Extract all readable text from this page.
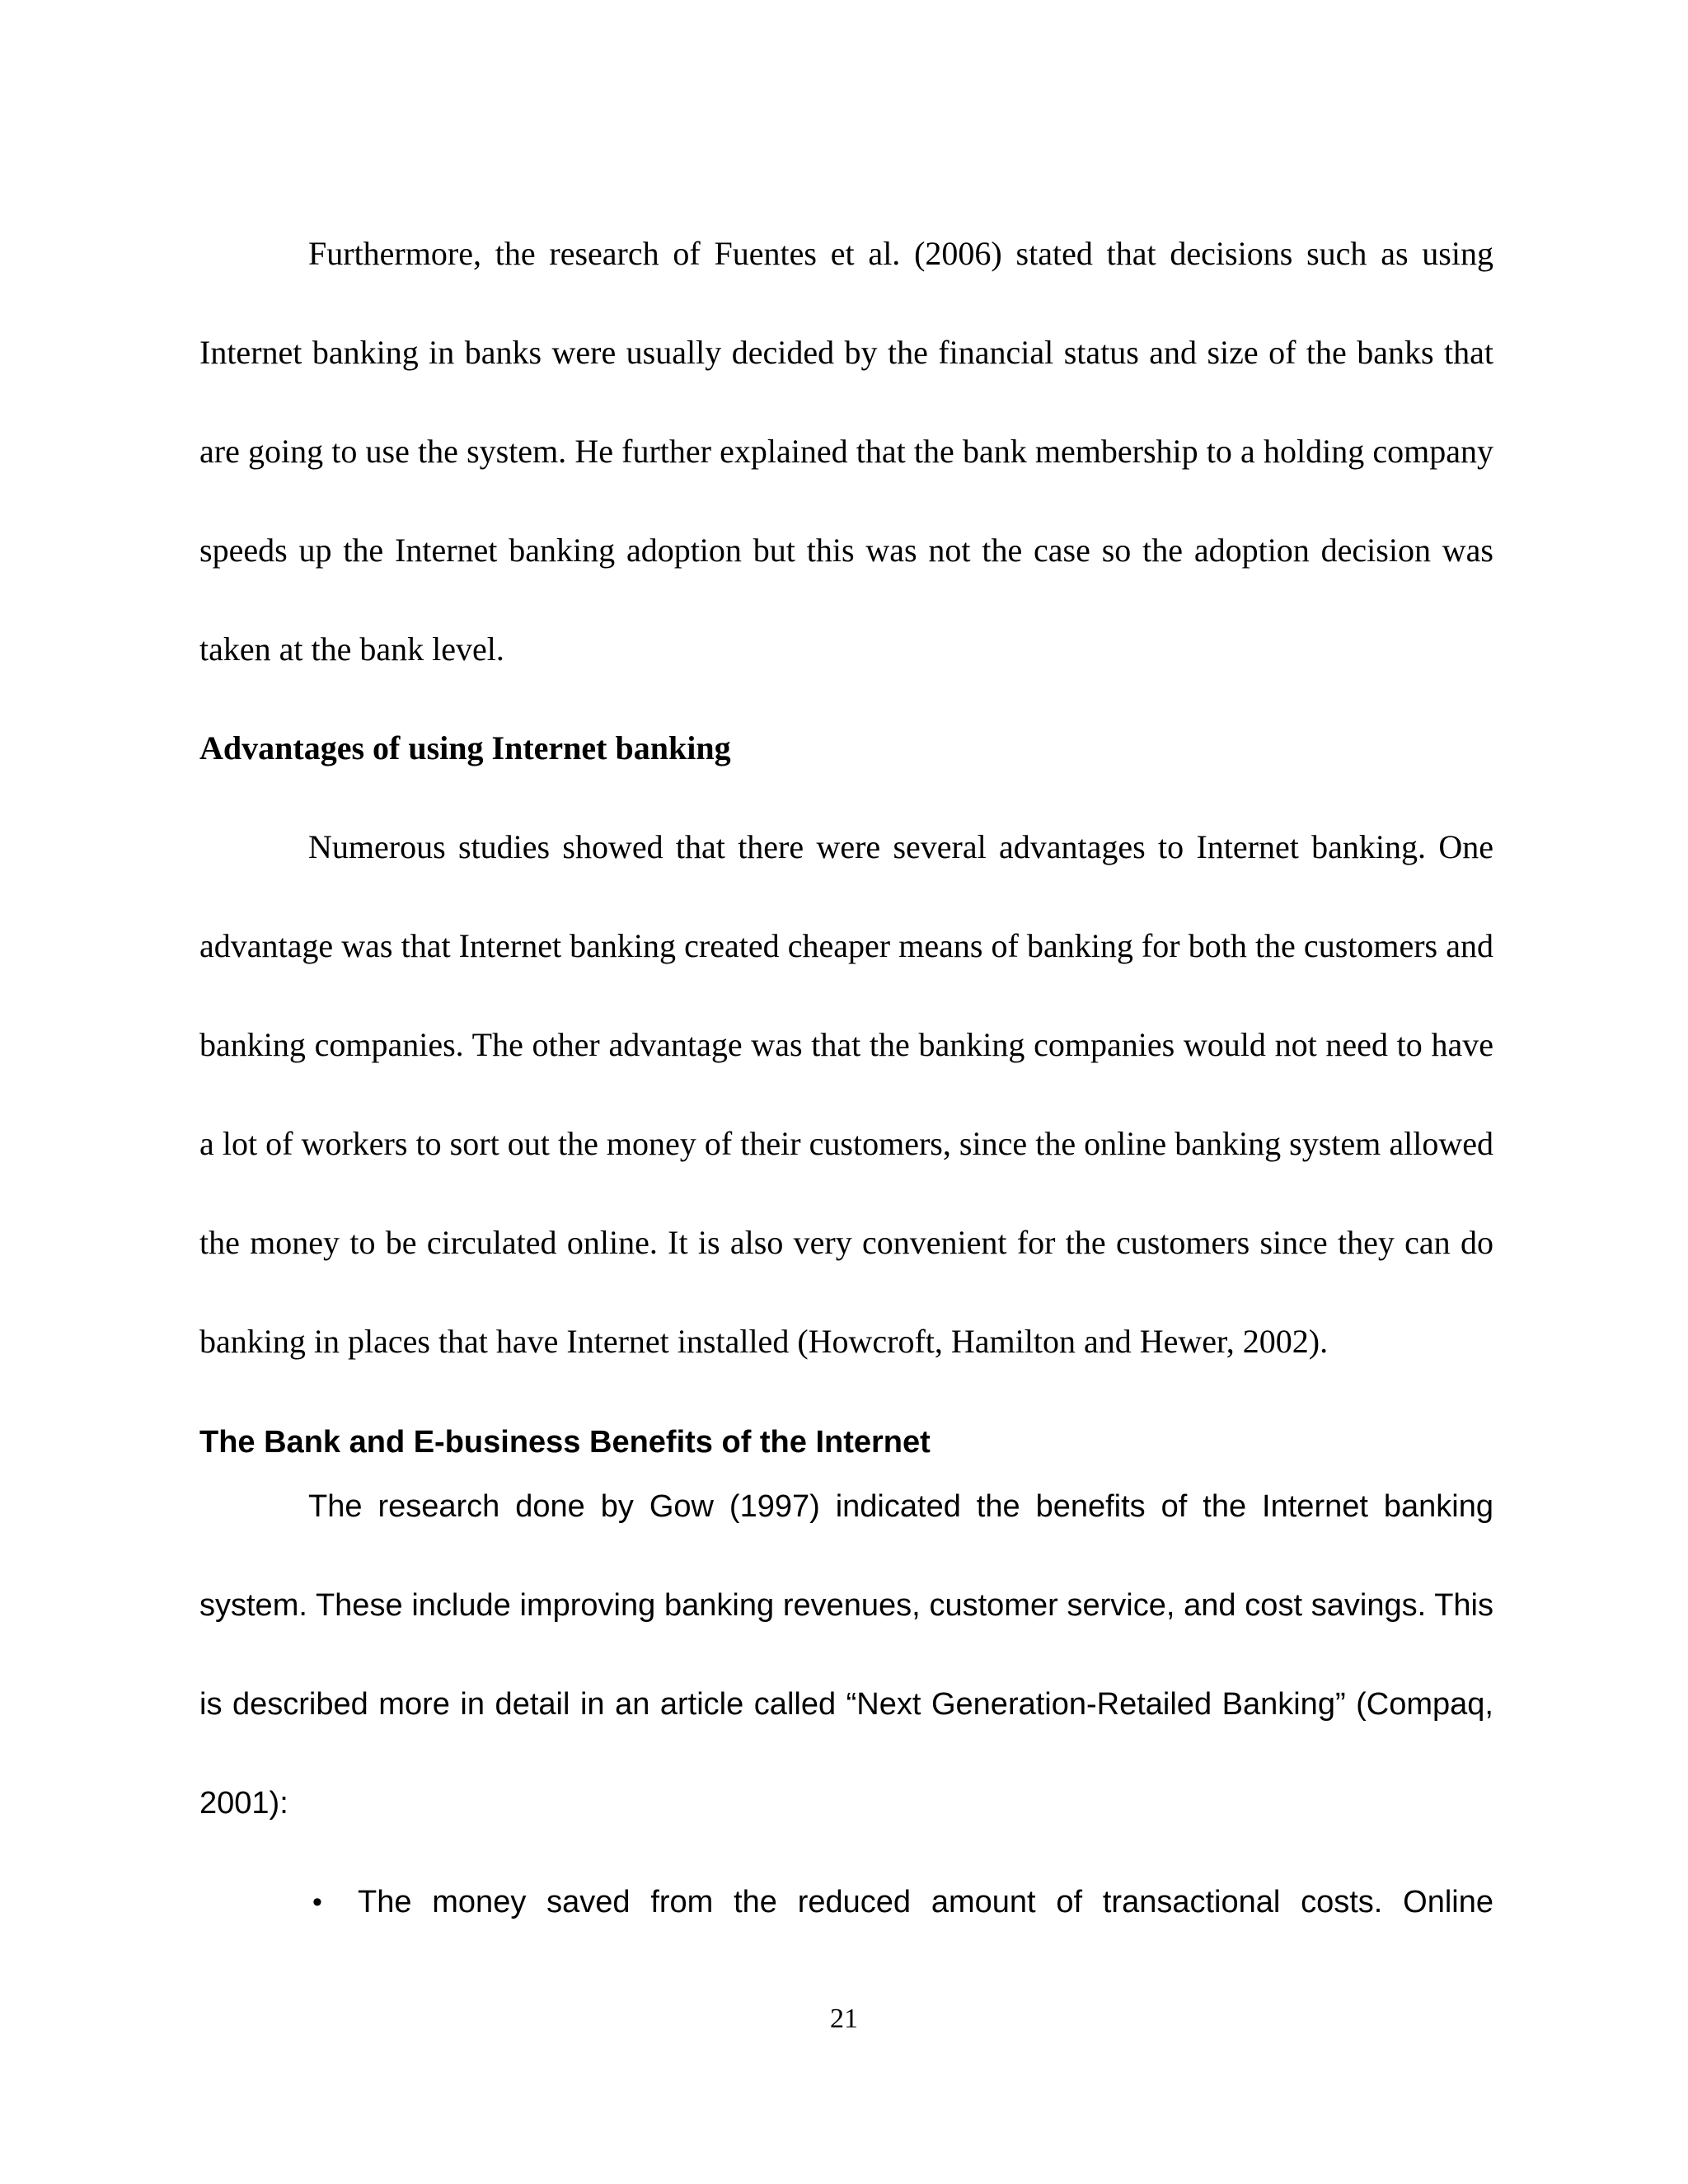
Furthermore, the research of Fuentes et al. (2006) stated that decisions such as using Internet banking in banks were usually decided by the financial status and size of the banks that are going to use the system. He further explained that the bank membership to a holding company speeds up the Internet banking adoption but this was not the case so the adoption decision was taken at the bank level.

Advantages of using Internet banking

Numerous studies showed that there were several advantages to Internet banking. One advantage was that Internet banking created cheaper means of banking for both the customers and banking companies. The other advantage was that the banking companies would not need to have a lot of workers to sort out the money of their customers, since the online banking system allowed the money to be circulated online. It is also very convenient for the customers since they can do banking in places that have Internet installed (Howcroft, Hamilton and Hewer, 2002).

The Bank and E-business Benefits of the Internet

The research done by Gow (1997) indicated the benefits of the Internet banking system. These include improving banking revenues, customer service, and cost savings. This is described more in detail in an article called “Next Generation-Retailed Banking” (Compaq, 2001):

• The money saved from the reduced amount of transactional costs. Online
21
